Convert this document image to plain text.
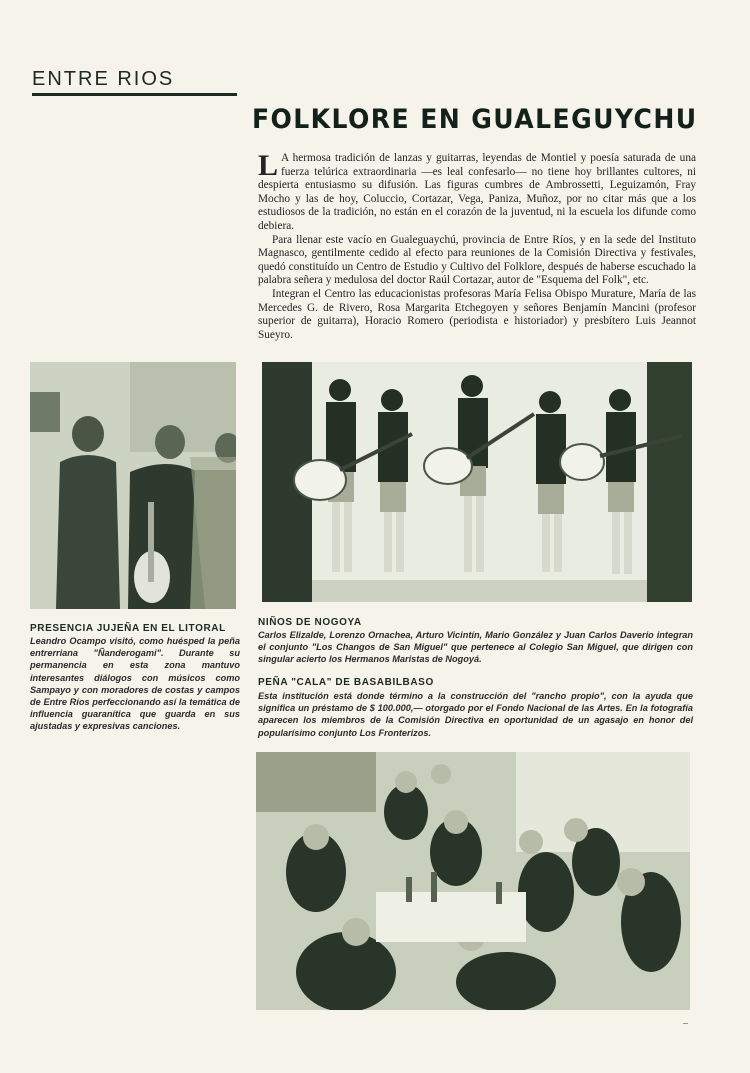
ENTRE RIOS
FOLKLORE EN GUALEGUYCHU

L A hermosa tradición de lanzas y guitarras, leyendas de Montiel y poesía saturada de una fuerza telúrica extraordinaria —es leal confesarlo— no tiene hoy brillantes cultores, ni despierta entusiasmo su difusión. Las figuras cumbres de Ambrossetti, Leguizamón, Fray Mocho y las de hoy, Coluccio, Cortazar, Vega, Paniza, Muñoz, por no citar más que a los estudiosos de la tradición, no están en el corazón de la juventud, ni la escuela los difunde como debiera.

Para llenar este vacío en Gualeguaychú, provincia de Entre Ríos, y en la sede del Instituto Magnasco, gentilmente cedido al efecto para reuniones de la Comisión Directiva y festivales, quedó constituído un Centro de Estudio y Cultivo del Folklore, después de haberse escuchado la palabra señera y medulosa del doctor Raúl Cortazar, autor de "Esquema del Folk", etc.

Integran el Centro las educacionistas profesoras María Felisa Obispo Murature, María de las Mercedes G. de Rivero, Rosa Margarita Etchegoyen y señores Benjamín Mancini (profesor superior de guitarra), Horacio Romero (periodista e historiador) y presbítero Luis Jeannot Sueyro.

PRESENCIA JUJEÑA EN EL LITORAL
Leandro Ocampo visitó, como huésped la peña entrerriana "Ñanderogami". Durante su permanencia en esta zona mantuvo interesantes diálogos con músicos como Sampayo y con moradores de costas y campos de Entre Ríos perfeccionando así la temática de influencia guaranítica que guarda en sus ajustadas y expresivas canciones.
NIÑOS DE NOGOYA
Carlos Elizalde, Lorenzo Ornachea, Arturo Vicintín, Mario González y Juan Carlos Daverio integran el conjunto "Los Changos de San Miguel" que pertenece al Colegio San Miguel, que dirigen con singular acierto los Hermanos Maristas de Nogoyá.
PEÑA "CALA" DE BASABILBASO
Esta institución está donde término a la construcción del "rancho propio", con la ayuda que significa un préstamo de $ 100.000,— otorgado por el Fondo Nacional de las Artes. En la fotografía aparecen los miembros de la Comisión Directiva en oportunidad de un agasajo en honor del popularísimo conjunto Los Fronterizos.
–
